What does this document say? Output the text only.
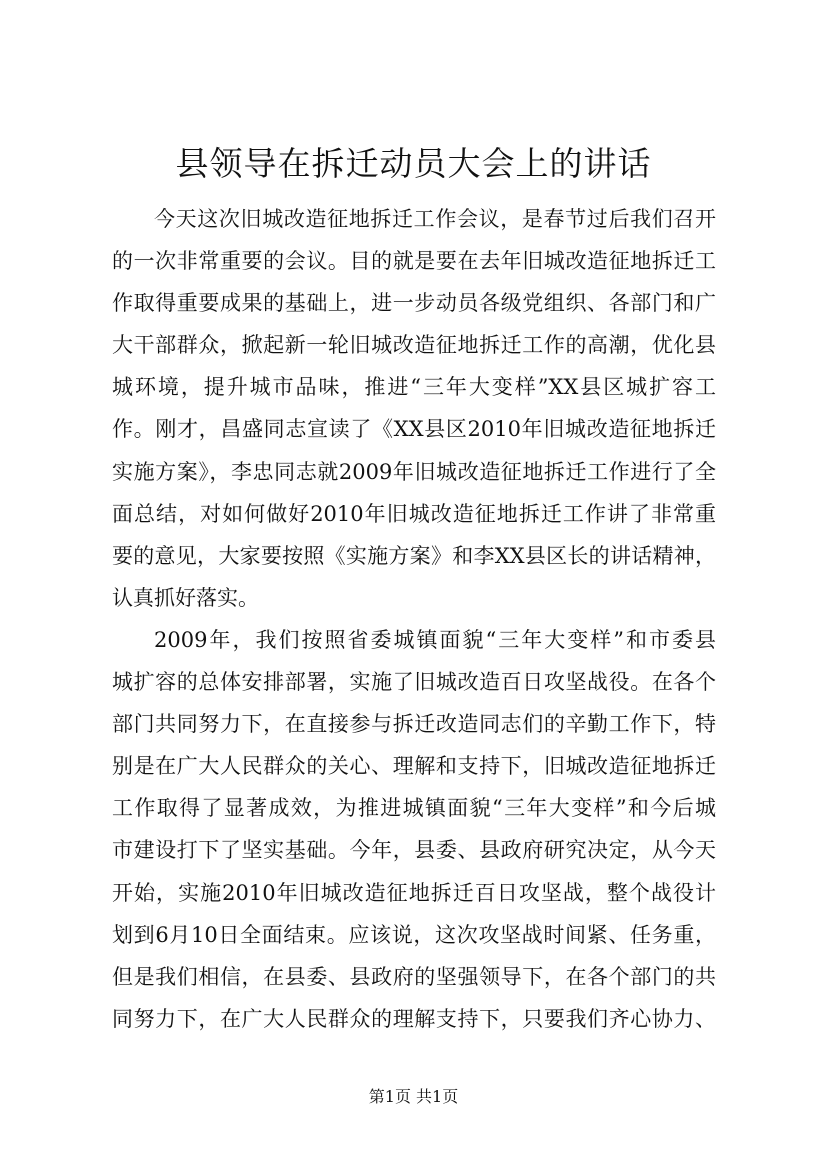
县领导在拆迁动员大会上的讲话
今天这次旧城改造征地拆迁工作会议，是春节过后我们召开
的一次非常重要的会议。目的就是要在去年旧城改造征地拆迁工
作取得重要成果的基础上，进一步动员各级党组织、各部门和广
大干部群众，掀起新一轮旧城改造征地拆迁工作的高潮，优化县
城环境，提升城市品味，推进“三年大变样”XX县区城扩容工
作。刚才，昌盛同志宣读了《XX县区2010年旧城改造征地拆迁
实施方案》，李忠同志就2009年旧城改造征地拆迁工作进行了全
面总结，对如何做好2010年旧城改造征地拆迁工作讲了非常重
要的意见，大家要按照《实施方案》和李XX县区长的讲话精神，
认真抓好落实。
2009年，我们按照省委城镇面貌“三年大变样”和市委县
城扩容的总体安排部署，实施了旧城改造百日攻坚战役。在各个
部门共同努力下，在直接参与拆迁改造同志们的辛勤工作下，特
别是在广大人民群众的关心、理解和支持下，旧城改造征地拆迁
工作取得了显著成效，为推进城镇面貌“三年大变样”和今后城
市建设打下了坚实基础。今年，县委、县政府研究决定，从今天
开始，实施2010年旧城改造征地拆迁百日攻坚战，整个战役计
划到6月10日全面结束。应该说，这次攻坚战时间紧、任务重，
但是我们相信，在县委、县政府的坚强领导下，在各个部门的共
同努力下，在广大人民群众的理解支持下，只要我们齐心协力、
第1页 共1页
